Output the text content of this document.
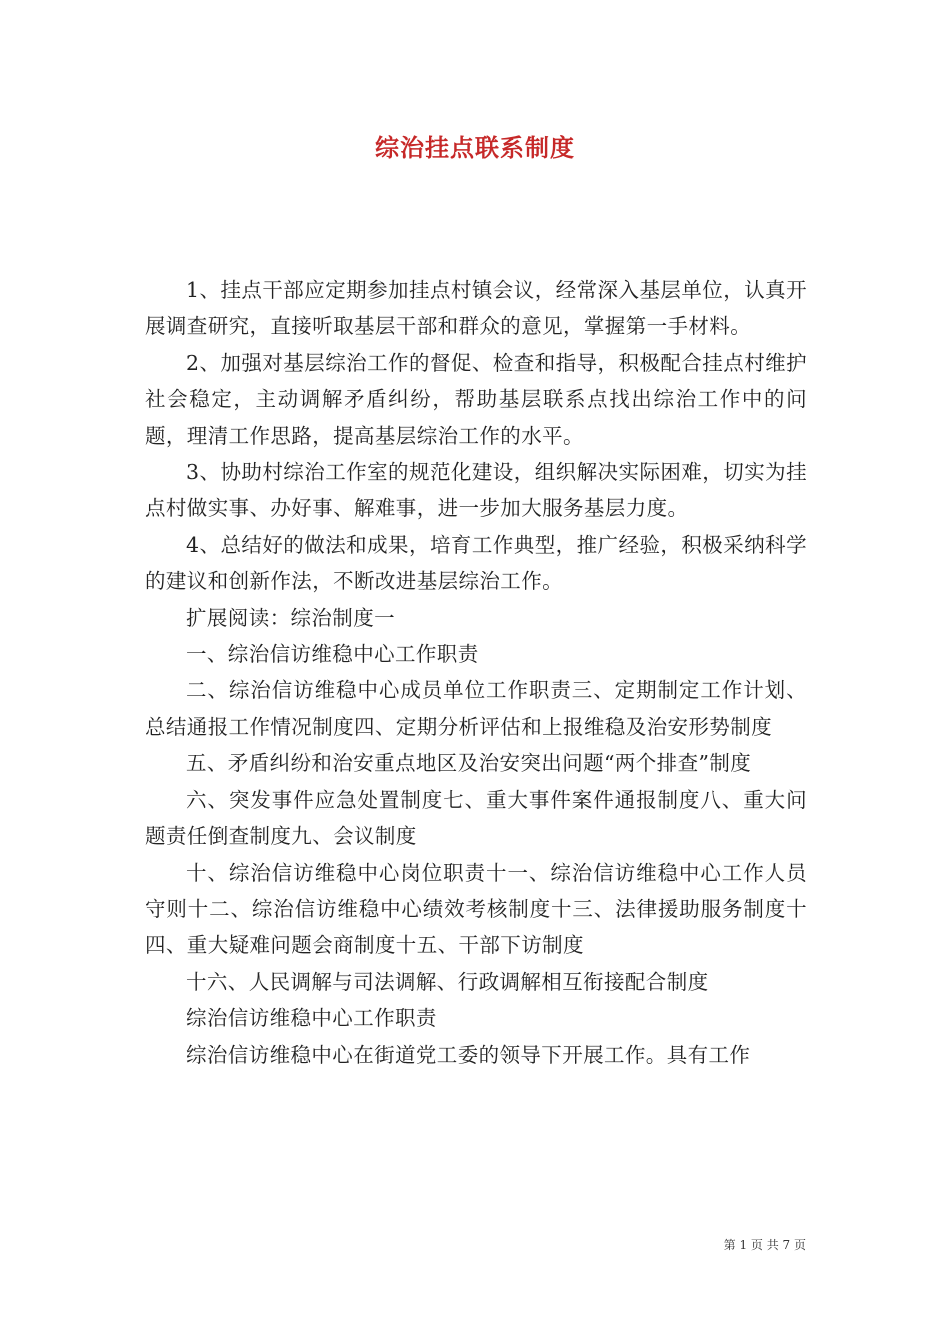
综治挂点联系制度

1、挂点干部应定期参加挂点村镇会议，经常深入基层单位，认真开展调查研究，直接听取基层干部和群众的意见，掌握第一手材料。

2、加强对基层综治工作的督促、检查和指导，积极配合挂点村维护社会稳定，主动调解矛盾纠纷，帮助基层联系点找出综治工作中的问题，理清工作思路，提高基层综治工作的水平。

3、协助村综治工作室的规范化建设，组织解决实际困难，切实为挂点村做实事、办好事、解难事，进一步加大服务基层力度。

4、总结好的做法和成果，培育工作典型，推广经验，积极采纳科学的建议和创新作法，不断改进基层综治工作。

扩展阅读：综治制度一

一、综治信访维稳中心工作职责

二、综治信访维稳中心成员单位工作职责三、定期制定工作计划、总结通报工作情况制度四、定期分析评估和上报维稳及治安形势制度

五、矛盾纠纷和治安重点地区及治安突出问题“两个排查”制度

六、突发事件应急处置制度七、重大事件案件通报制度八、重大问题责任倒查制度九、会议制度

十、综治信访维稳中心岗位职责十一、综治信访维稳中心工作人员守则十二、综治信访维稳中心绩效考核制度十三、法律援助服务制度十四、重大疑难问题会商制度十五、干部下访制度

十六、人民调解与司法调解、行政调解相互衔接配合制度

综治信访维稳中心工作职责

综治信访维稳中心在街道党工委的领导下开展工作。具有工作

第 1 页 共 7 页
